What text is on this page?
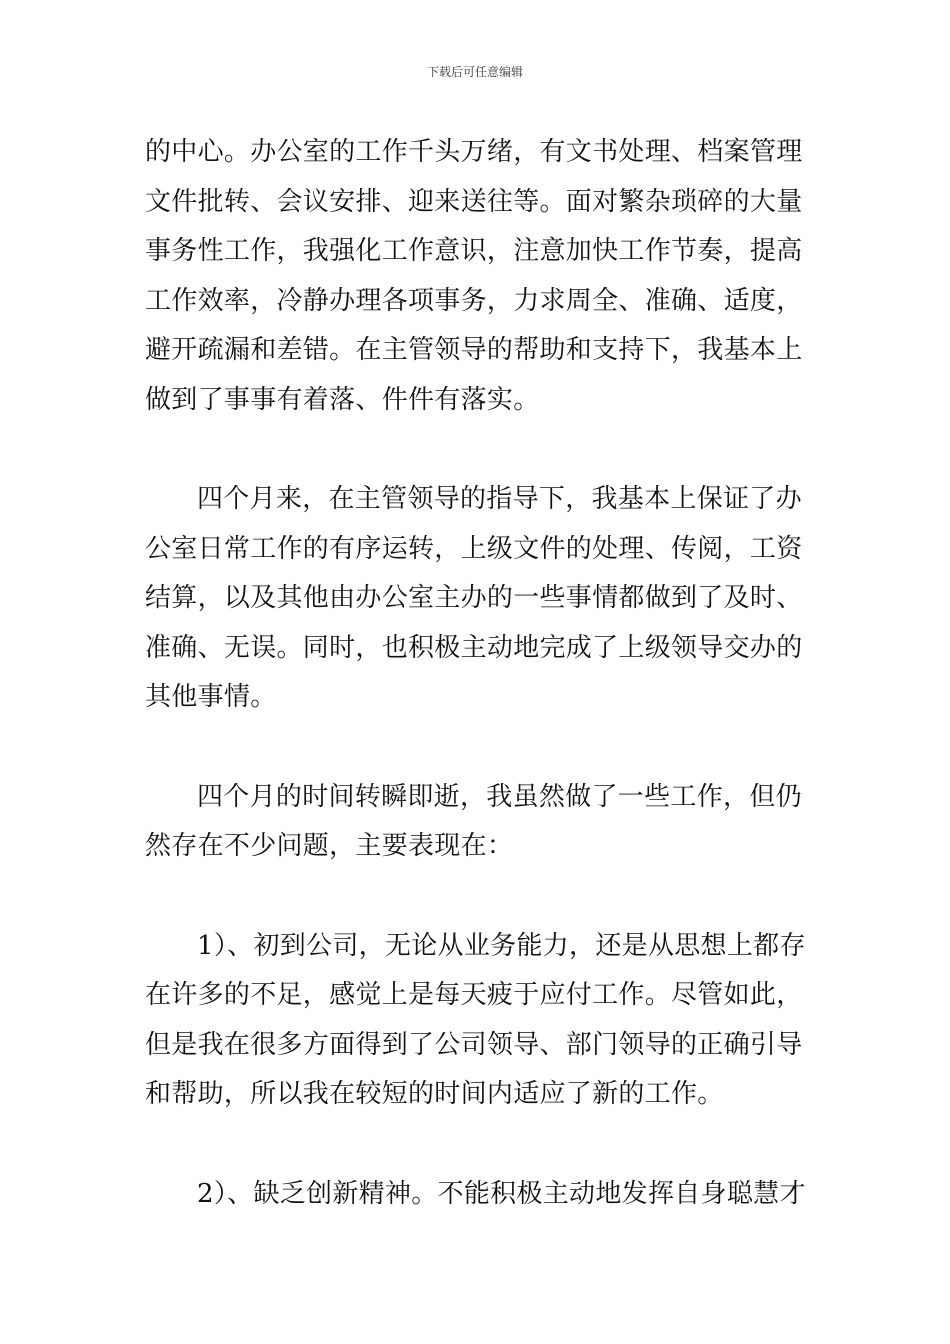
下载后可任意编辑

的中心。办公室的工作千头万绪，有文书处理、档案管理
文件批转、会议安排、迎来送往等。面对繁杂琐碎的大量
事务性工作，我强化工作意识，注意加快工作节奏，提高
工作效率，冷静办理各项事务，力求周全、准确、适度，
避开疏漏和差错。在主管领导的帮助和支持下，我基本上
做到了事事有着落、件件有落实。

四个月来，在主管领导的指导下，我基本上保证了办
公室日常工作的有序运转，上级文件的处理、传阅，工资
结算，以及其他由办公室主办的一些事情都做到了及时、
准确、无误。同时，也积极主动地完成了上级领导交办的
其他事情。

四个月的时间转瞬即逝，我虽然做了一些工作，但仍
然存在不少问题，主要表现在：

1）、初到公司，无论从业务能力，还是从思想上都存
在许多的不足，感觉上是每天疲于应付工作。尽管如此，
但是我在很多方面得到了公司领导、部门领导的正确引导
和帮助，所以我在较短的时间内适应了新的工作。

2）、缺乏创新精神。不能积极主动地发挥自身聪慧才
